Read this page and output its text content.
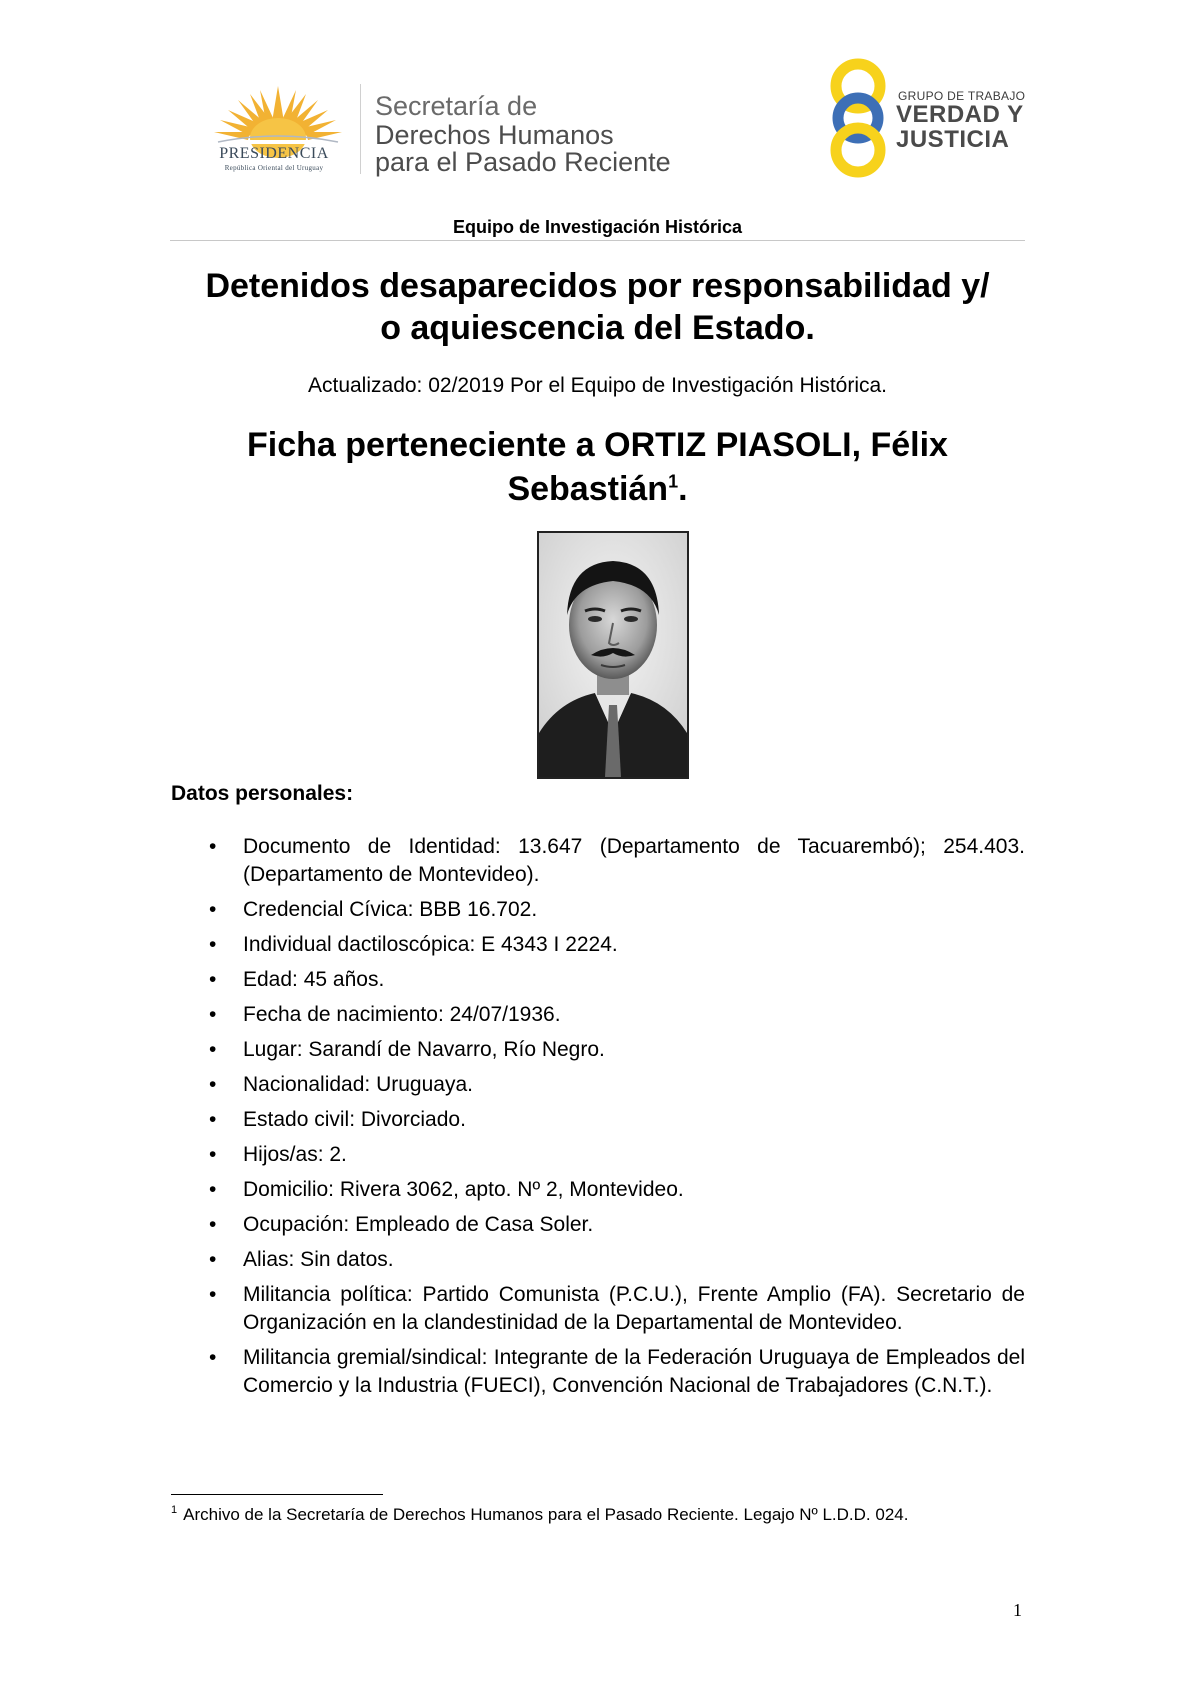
PRESIDENCIA
República Oriental del Uruguay
Secretaría de
Derechos Humanos
para el Pasado Reciente
GRUPO DE TRABAJO
VERDAD Y
JUSTICIA
Equipo de Investigación Histórica
Detenidos desaparecidos por responsabilidad y/
o aquiescencia del Estado.
Actualizado: 02/2019 Por el Equipo de Investigación Histórica.
Ficha perteneciente a ORTIZ PIASOLI, Félix
Sebastián$^1$.
Datos personales:
• Documento de Identidad: 13.647 (Departamento de Tacuarembó); 254.403. (Departamento de Montevideo).
• Credencial Cívica: BBB 16.702.
• Individual dactiloscópica: E 4343 I 2224.
• Edad: 45 años.
• Fecha de nacimiento: 24/07/1936.
• Lugar: Sarandí de Navarro, Río Negro.
• Nacionalidad: Uruguaya.
• Estado civil: Divorciado.
• Hijos/as: 2.
• Domicilio: Rivera 3062, apto. Nº 2, Montevideo.
• Ocupación: Empleado de Casa Soler.
• Alias: Sin datos.
• Militancia política: Partido Comunista (P.C.U.), Frente Amplio (FA). Secretario de Organización en la clandestinidad de la Departamental de Montevideo.
• Militancia gremial/sindical: Integrante de la Federación Uruguaya de Empleados del Comercio y la Industria (FUECI), Convención Nacional de Trabajadores (C.N.T.).
$^1$ Archivo de la Secretaría de Derechos Humanos para el Pasado Reciente. Legajo Nº L.D.D. 024.
1
